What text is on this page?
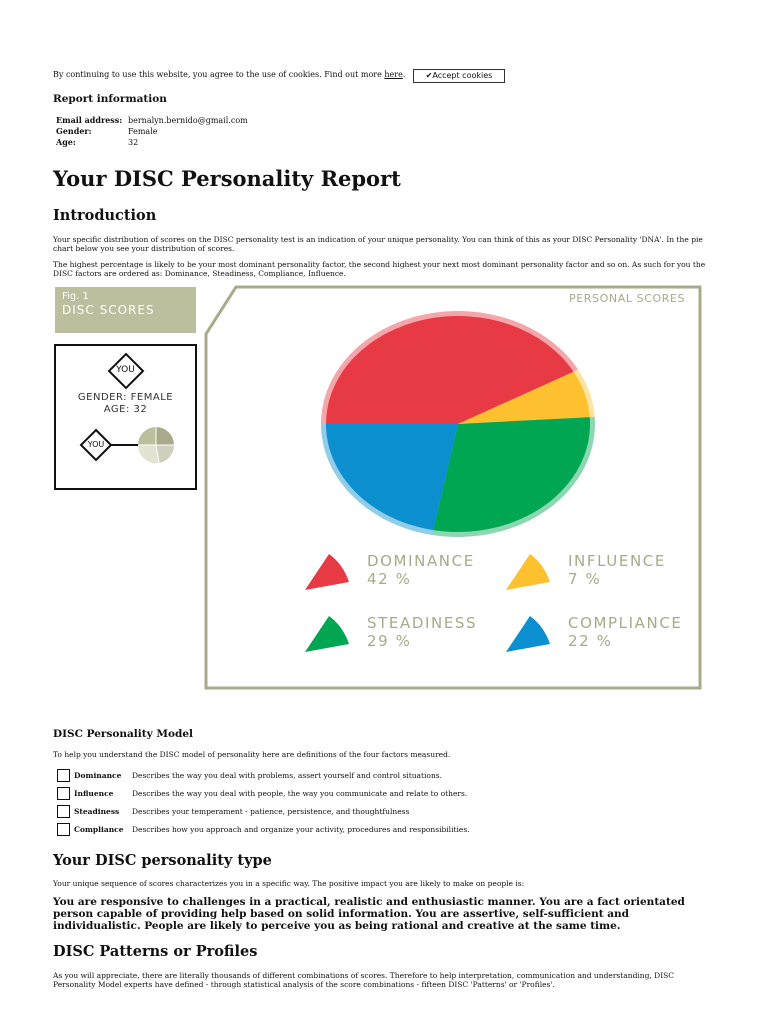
By continuing to use this website, you agree to the use of cookies. Find out more here.	✔Accept cookies
Report information
Email address: bernalyn.bernido@gmail.com
Gender:	Female
Age:	32
Your DISC Personality Report
Introduction
Your specific distribution of scores on the DISC personality test is an indication of your unique personality. You can think of this as your DISC Personality 'DNA'. In the pie chart below you see your distribution of scores.
The highest percentage is likely to be your most dominant personality factor, the second highest your next most dominant personality factor and so on. As such for you the DISC factors are ordered as: Dominance, Steadiness, Compliance, Influence.
Fig. 1
DISC SCORES
YOU
GENDER: FEMALE
AGE: 32
YOU
PERSONAL SCORES
DOMINANCE
42 %
INFLUENCE
7 %
STEADINESS
29 %
COMPLIANCE
22 %
DISC Personality Model
To help you understand the DISC model of personality here are definitions of the four factors measured.
Dominance	Describes the way you deal with problems, assert yourself and control situations.
Influence	Describes the way you deal with people, the way you communicate and relate to others.
Steadiness	Describes your temperament - patience, persistence, and thoughtfulness
Compliance	Describes how you approach and organize your activity, procedures and responsibilities.
Your DISC personality type
Your unique sequence of scores characterizes you in a specific way. The positive impact you are likely to make on people is:
You are responsive to challenges in a practical, realistic and enthusiastic manner. You are a fact orientated person capable of providing help based on solid information. You are assertive, self-sufficient and individualistic. People are likely to perceive you as being rational and creative at the same time.
DISC Patterns or Profiles
As you will appreciate, there are literally thousands of different combinations of scores. Therefore to help interpretation, communication and understanding, DISC Personality Model experts have defined - through statistical analysis of the score combinations - fifteen DISC 'Patterns' or 'Profiles'.
